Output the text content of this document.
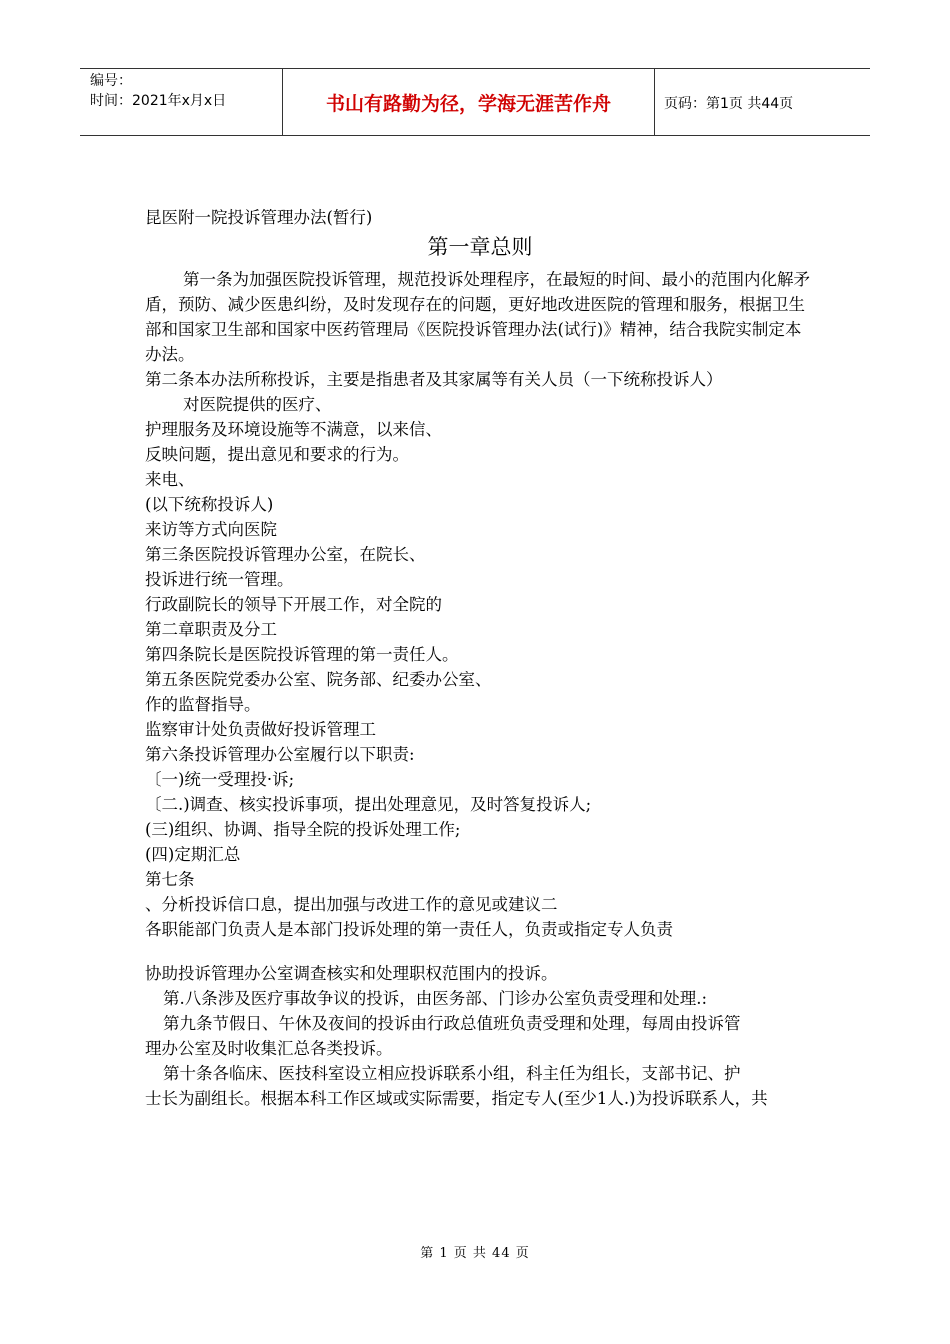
编号：
时间：2021年x月x日	书山有路勤为径，学海无涯苦作舟	页码：第1页 共44页

昆医附一院投诉管理办法(暂行)

第一章总则

第一条为加强医院投诉管理，规范投诉处理程序，在最短的时间、最小的范围内化解矛盾，预防、减少医患纠纷，及时发现存在的问题，更好地改进医院的管理和服务，根据卫生部和国家卫生部和国家中医药管理局《医院投诉管理办法(试行)》精神，结合我院实制定本办法。

第二条本办法所称投诉，主要是指患者及其家属等有关人员（一下统称投诉人）

对医院提供的医疗、

护理服务及环境设施等不满意，以来信、

反映问题，提出意见和要求的行为。

来电、

(以下统称投诉人)

来访等方式向医院

第三条医院投诉管理办公室，在院长、

投诉进行统一管理。

行政副院长的领导下开展工作，对全院的

第二章职责及分工

第四条院长是医院投诉管理的第一责任人。

第五条医院党委办公室、院务部、纪委办公室、

作的监督指导。

监察审计处负责做好投诉管理工

第六条投诉管理办公室履行以下职责:

〔一)统一受理投·诉;

〔二.)调查、核实投诉事项，提出处理意见，及时答复投诉人;

(三)组织、协调、指导全院的投诉处理工作;

(四)定期汇总

第七条

、分析投诉信口息，提出加强与改进工作的意见或建议二

各职能部门负责人是本部门投诉处理的第一责任人，负责或指定专人负责

协助投诉管理办公室调查核实和处理职权范围内的投诉。

第.八条涉及医疗事故争议的投诉，由医务部、门诊办公室负责受理和处理.:

第九条节假日、午休及夜间的投诉由行政总值班负责受理和处理，每周由投诉管

理办公室及时收集汇总各类投诉。

第十条各临床、医技科室设立相应投诉联系小组，科主任为组长，支部书记、护

士长为副组长。根据本科工作区域或实际需要，指定专人(至少1人.)为投诉联系人，共

第 1 页 共 44 页
